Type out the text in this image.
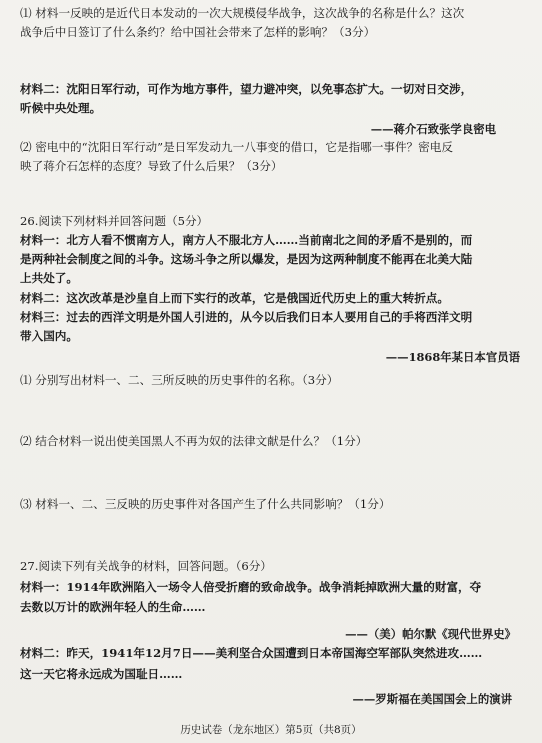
⑴ 材料一反映的是近代日本发动的一次大规模侵华战争，这次战争的名称是什么？这次
战争后中日签订了什么条约？给中国社会带来了怎样的影响？（3分）
材料二：沈阳日军行动，可作为地方事件，望力避冲突，以免事态扩大。一切对日交涉，
听候中央处理。
——蒋介石致张学良密电
⑵ 密电中的“沈阳日军行动”是日军发动九一八事变的借口，它是指哪一事件？密电反
映了蒋介石怎样的态度？导致了什么后果？（3分）
26.阅读下列材料并回答问题（5分）
材料一：北方人看不惯南方人，南方人不服北方人……当前南北之间的矛盾不是别的，而
是两种社会制度之间的斗争。这场斗争之所以爆发，是因为这两种制度不能再在北美大陆
上共处了。
材料二：这次改革是沙皇自上而下实行的改革，它是俄国近代历史上的重大转折点。
材料三：过去的西洋文明是外国人引进的，从今以后我们日本人要用自己的手将西洋文明
带入国内。
——1868年某日本官员语
⑴ 分别写出材料一、二、三所反映的历史事件的名称。（3分）
⑵ 结合材料一说出使美国黑人不再为奴的法律文献是什么？（1分）
⑶ 材料一、二、三反映的历史事件对各国产生了什么共同影响？（1分）
27.阅读下列有关战争的材料，回答问题。（6分）
材料一：1914年欧洲陷入一场令人倍受折磨的致命战争。战争消耗掉欧洲大量的财富，夺
去数以万计的欧洲年轻人的生命……
——（美）帕尔默《现代世界史》
材料二：昨天，1941年12月7日——美利坚合众国遭到日本帝国海空军部队突然进攻……
这一天它将永远成为国耻日……
——罗斯福在美国国会上的演讲
历史试卷（龙东地区）第5页（共8页）
